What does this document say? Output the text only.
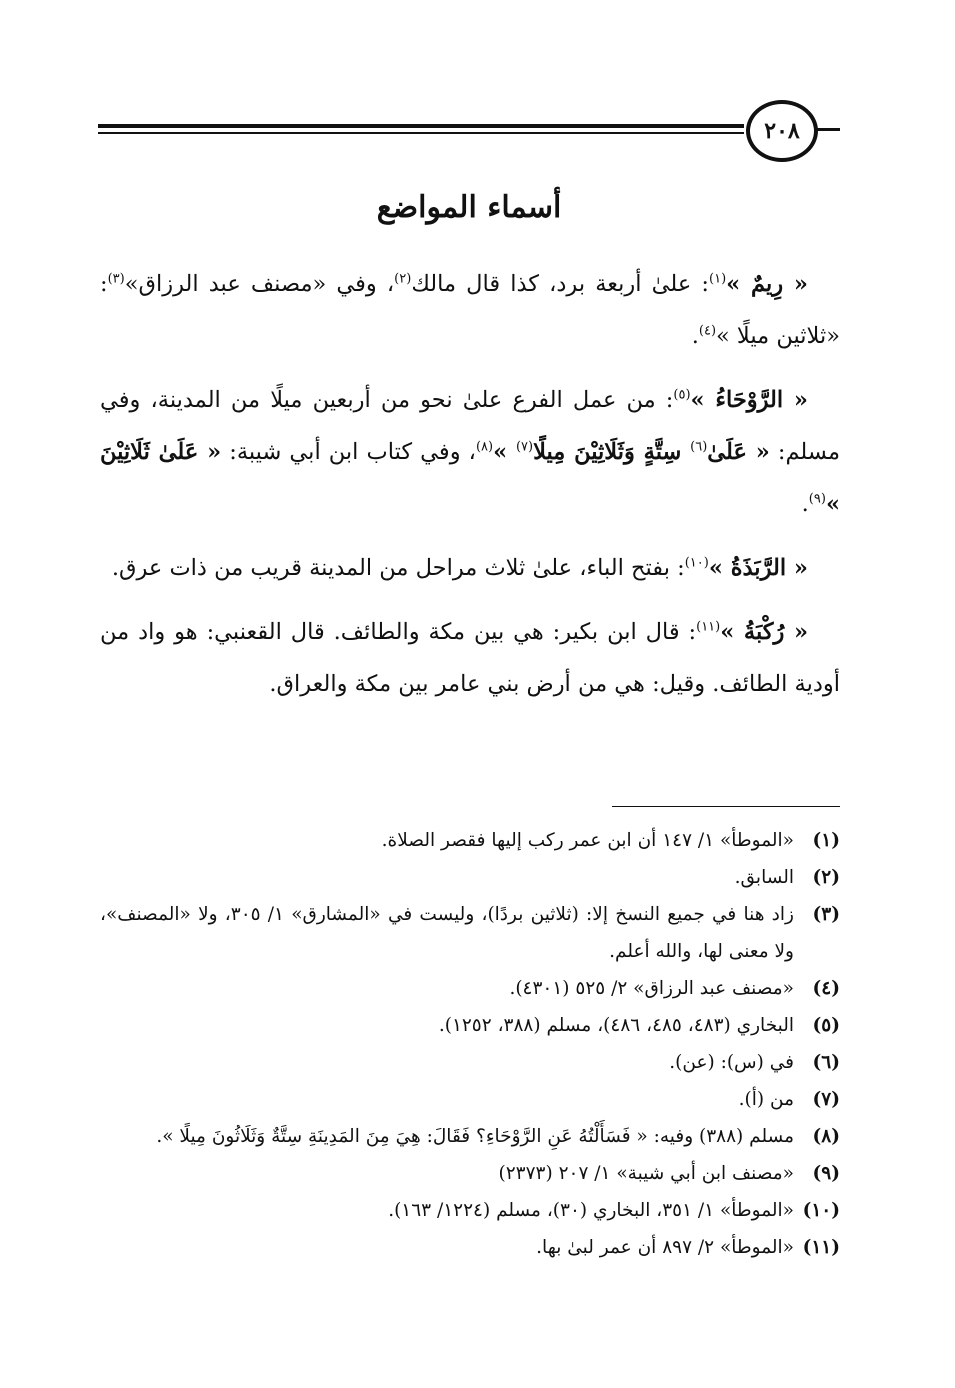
٢٠٨
أسماء المواضع

« رِيمٌ »$^{(١)}$: علىٰ أربعة برد، كذا قال مالك$^{(٢)}$، وفي «مصنف عبد الرزاق»$^{(٣)}$: «ثلاثين ميلًا »$^{(٤)}$.

« الرَّوْحَاءُ »$^{(٥)}$: من عمل الفرع علىٰ نحو من أربعين ميلًا من المدينة، وفي مسلم: « عَلَىٰ$^{(٦)}$ سِتَّةٍ وَثَلَاثِيْنَ مِيلًا$^{(٧)}$ »$^{(٨)}$، وفي كتاب ابن أبي شيبة: « عَلَىٰ ثَلَاثِيْنَ »$^{(٩)}$.

« الرَّبَذَةُ »$^{(١٠)}$: بفتح الباء، علىٰ ثلاث مراحل من المدينة قريب من ذات عرق.

« رُكْبَةُ »$^{(١١)}$: قال ابن بكير: هي بين مكة والطائف. قال القعنبي: هو واد من أودية الطائف. وقيل: هي من أرض بني عامر بين مكة والعراق.

(١)
«الموطأ» ١/ ١٤٧ أن ابن عمر ركب إليها فقصر الصلاة.
(٢)
السابق.
(٣)
زاد هنا في جميع النسخ إلا: (ثلاثين بردًا)، وليست في «المشارق» ١/ ٣٠٥، ولا «المصنف»، ولا معنى لها، والله أعلم.
(٤)
«مصنف عبد الرزاق» ٢/ ٥٢٥ (٤٣٠١).
(٥)
البخاري (٤٨٣، ٤٨٥، ٤٨٦)، مسلم (٣٨٨، ١٢٥٢).
(٦)
في (س): (عن).
(٧)
من (أ).
(٨)
مسلم (٣٨٨) وفيه: « فَسَأَلْتُهُ عَنِ الرَّوْحَاءِ؟ فَقَالَ: هِيَ مِنَ المَدِينَةِ سِتَّةٌ وَثَلَاثُونَ مِيلًا ».
(٩)
«مصنف ابن أبي شيبة» ١/ ٢٠٧ (٢٣٧٣)
(١٠)
«الموطأ» ١/ ٣٥١، البخاري (٣٠)، مسلم (١٢٢٤/ ١٦٣).
(١١)
«الموطأ» ٢/ ٨٩٧ أن عمر لبىٰ بها.
